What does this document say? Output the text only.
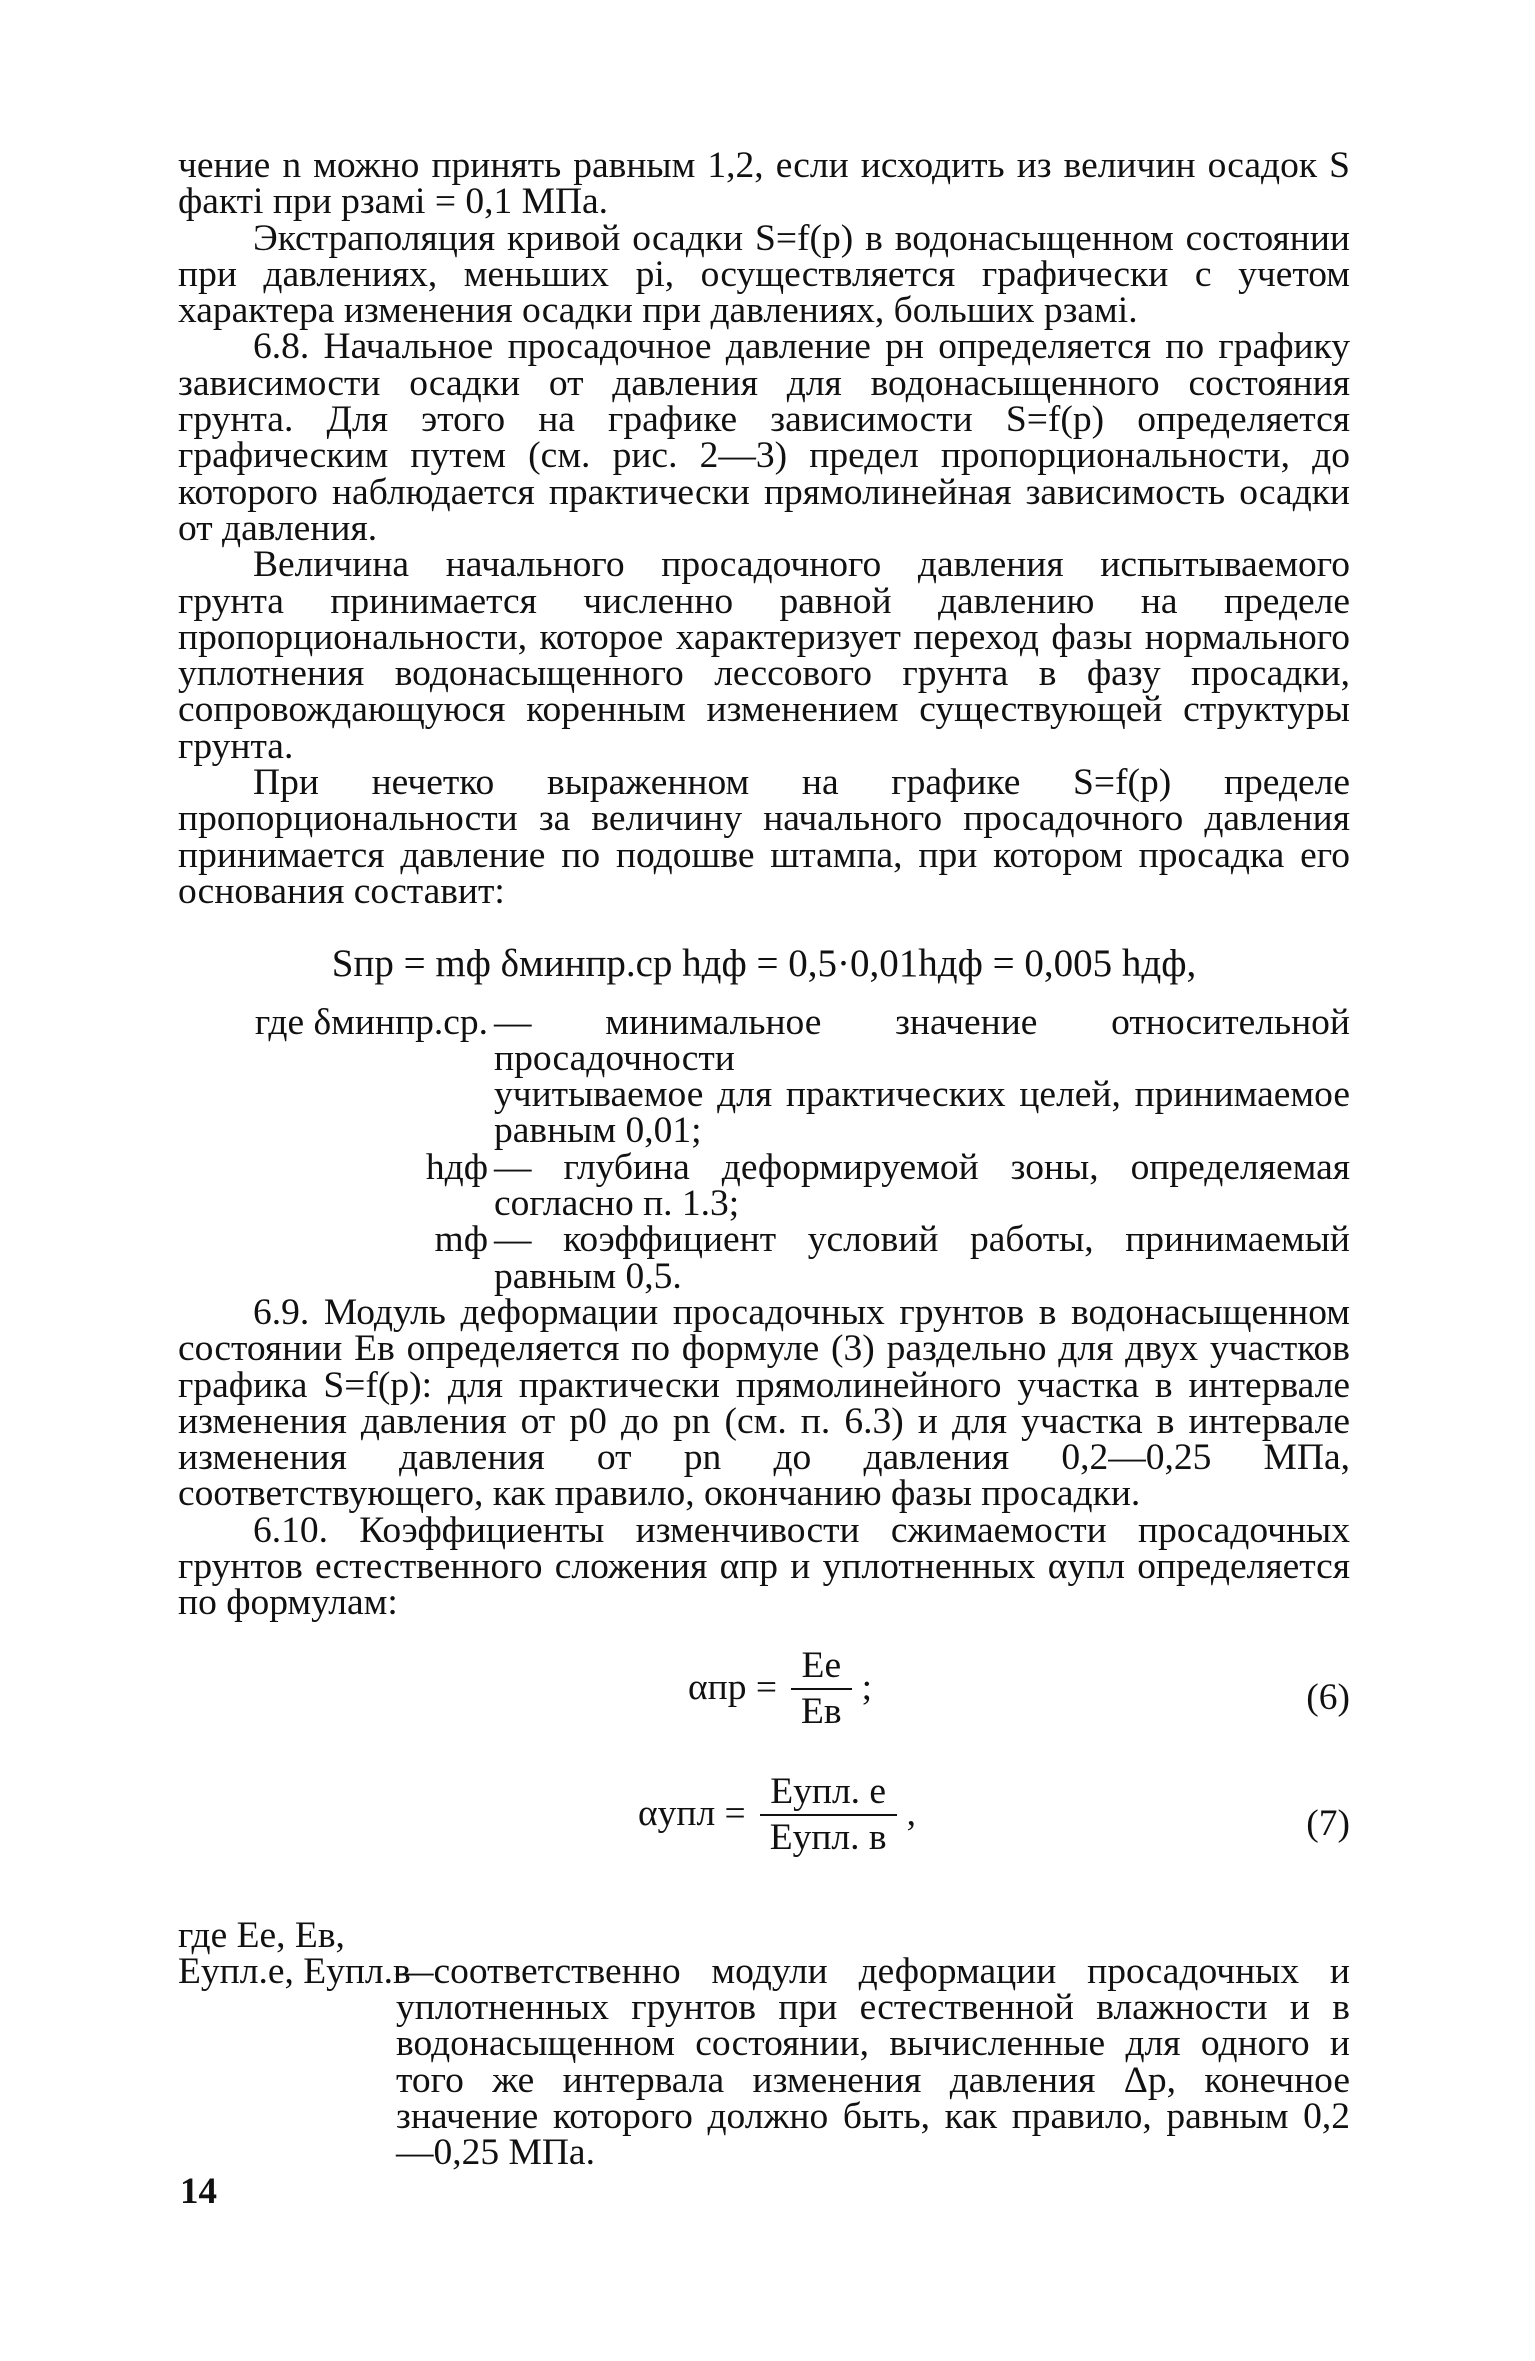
чение n можно принять равным 1,2, если исходить из величин осадок S фактi при pзамi = 0,1 МПа.

Экстраполяция кривой осадки S=f(p) в водонасыщенном состоянии при давлениях, меньших pi, осуществляется графически с учетом характера изменения осадки при давлениях, больших pзамi.

6.8. Начальное просадочное давление pн определяется по графику зависимости осадки от давления для водонасыщенного состояния грунта. Для этого на графике зависимости S=f(p) определяется графическим путем (см. рис. 2—3) предел пропорциональности, до которого наблюдается практически прямолинейная зависимость осадки от давления.

Величина начального просадочного давления испытываемого грунта принимается численно равной давлению на пределе пропорциональности, которое характеризует переход фазы нормального уплотнения водонасыщенного лессового грунта в фазу просадки, сопровождающуюся коренным изменением существующей структуры грунта.

При нечетко выраженном на графике S=f(p) пределе пропорциональности за величину начального просадочного давления принимается давление по подошве штампа, при котором просадка его основания составит:

Sпр = mф δминпр.ср hдф = 0,5·0,01hдф = 0,005 hдф,
где δминпр.ср. — минимальное значение относительной просадочности
учитываемое для практических целей, принимаемое равным 0,01;
hдф — глубина деформируемой зоны, определяемая согласно п. 1.3;
mф — коэффициент условий работы, принимаемый равным 0,5.

6.9. Модуль деформации просадочных грунтов в водонасыщенном состоянии Eв определяется по формуле (3) раздельно для двух участков графика S=f(p): для практически прямолинейного участка в интервале изменения давления от p0 до pn (см. п. 6.3) и для участка в интервале изменения давления от pn до давления 0,2—0,25 МПа, соответствующего, как правило, окончанию фазы просадки.

6.10. Коэффициенты изменчивости сжимаемости просадочных грунтов естественного сложения αпр и уплотненных αупл определяется по формулам:

$\alpha пр = \frac{Eе}{Eв}$ ;	(6)
$\alpha упл = \frac{\text{Eупл. е}}{\text{Eупл. в}}$ ,	(7)
где Eе, Eв,
Eупл.е, Eупл.в
—соответственно модули деформации просадочных и уплотненных грунтов при естественной влажности и в водонасыщенном состоянии, вычисленные для одного и того же интервала изменения давления Δp, конечное значение которого должно быть, как правило, равным 0,2—0,25 МПа.
14
